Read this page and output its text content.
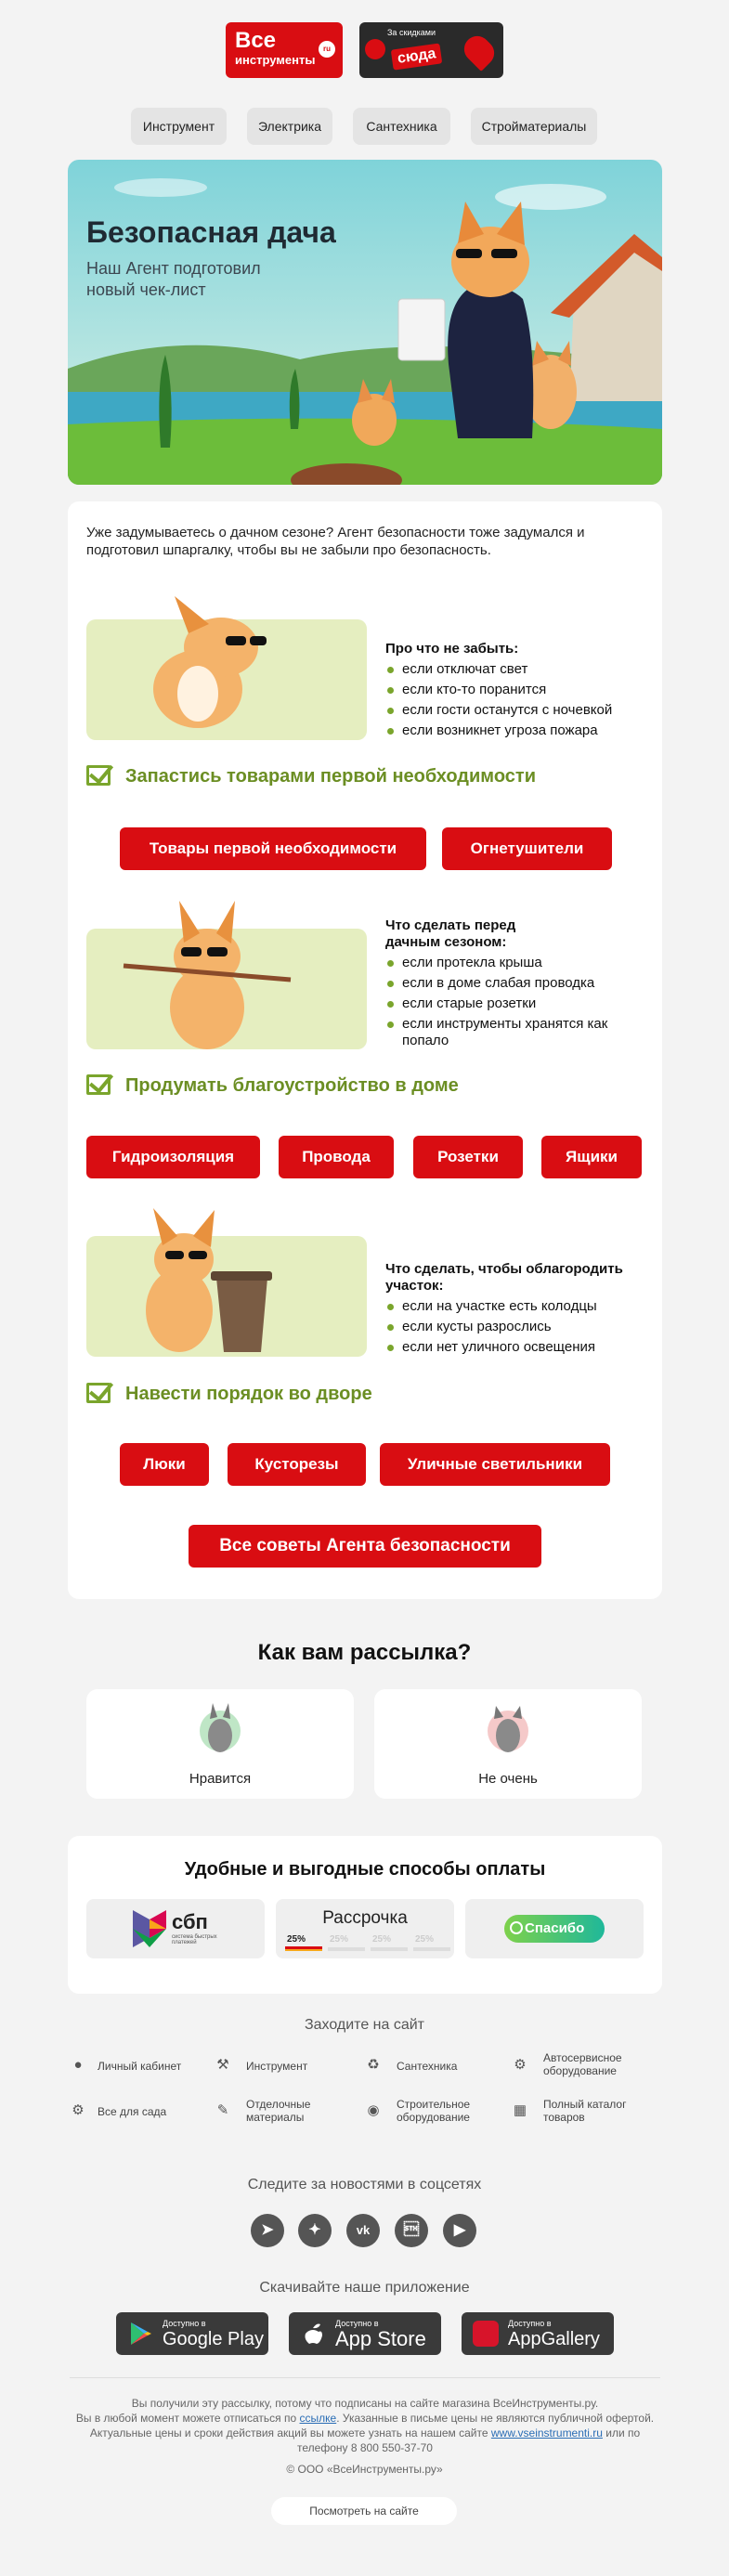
Все
инструменты
ru
За скидками
сюда
Инструмент	Электрика	Сантехника	Стройматериалы
Безопасная дача
Наш Агент подготовил новый чек-лист
Уже задумываетесь о дачном сезоне? Агент безопасности тоже задумался и подготовил шпаргалку, чтобы вы не забыли про безопасность.
Про что не забыть:
если отключат свет
если кто-то поранится
если гости останутся с ночевкой
если возникнет угроза пожара
Запастись товарами первой необходимости
Товары первой необходимости	Огнетушители
Что сделать перед дачным сезоном:
если протекла крыша
если в доме слабая проводка
если старые розетки
если инструменты хранятся как попало
Продумать благоустройство в доме
Гидроизоляция	Провода	Розетки	Ящики
Что сделать, чтобы облагородить участок:
если на участке есть колодцы
если кусты разрослись
если нет уличного освещения
Навести порядок во дворе
Люки	Кусторезы	Уличные светильники
Все советы Агента безопасности
Как вам рассылка?
Нравится	Не очень
Удобные и выгодные способы оплаты
сбп
система быстрых платежей
Рассрочка
25%	25%	25%	25%
Спасибо
Заходите на сайт
●	Личный кабинет	⚒ Инструмент	♻ Сантехника	⚙ Автосервисное оборудование
⚙ Все для сада	✎ Отделочные материалы	◉ Строительное оборудование	▦ Полный каталог товаров
Следите за новостями в соцсетях
➤	✦	vk		▶
Скачивайте наше приложение
Доступно в
Google Play
Доступно в
App Store
Доступно в
AppGallery
Вы получили эту рассылку, потому что подписаны на сайте магазина ВсеИнструменты.ру.
Вы в любой момент можете отписаться по ссылке. Указанные в письме цены не являются публичной офертой.
Актуальные цены и сроки действия акций вы можете узнать на нашем сайте www.vseinstrumenti.ru или по телефону 8 800 550-37-70
© ООО «ВсеИнструменты.ру»
Посмотреть на сайте
